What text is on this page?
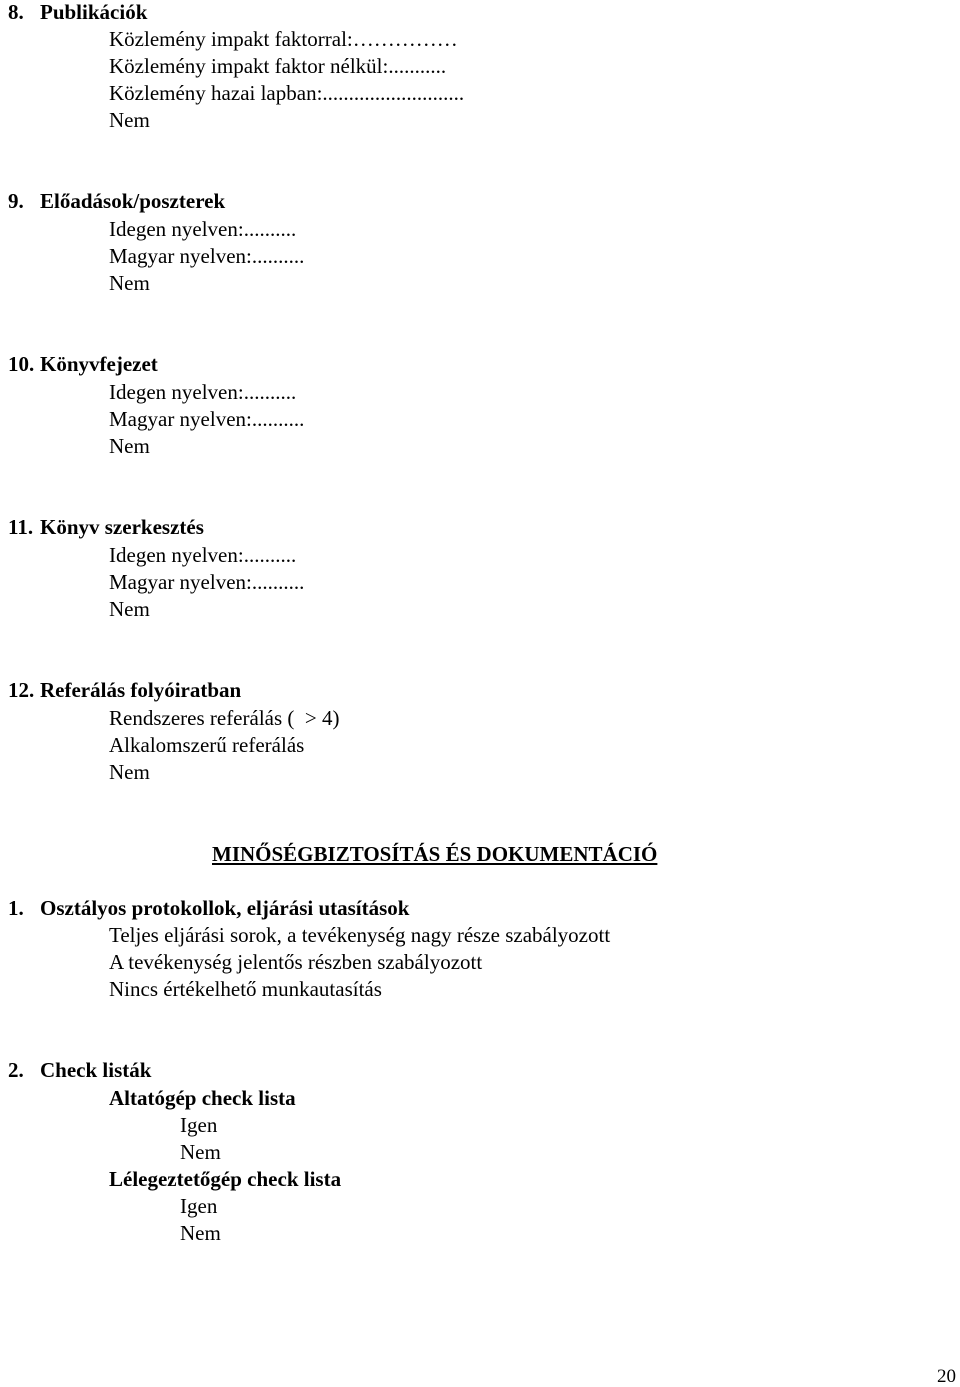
8. Publikációk
Közlemény impakt faktorral:……………
Közlemény impakt faktor nélkül:...........
Közlemény hazai lapban:...........................
Nem
9. Előadások/poszterek
Idegen nyelven:..........
Magyar nyelven:..........
Nem
10. Könyvfejezet
Idegen nyelven:..........
Magyar nyelven:..........
Nem
11. Könyv szerkesztés
Idegen nyelven:..........
Magyar nyelven:..........
Nem
12. Referálás folyóiratban
Rendszeres referálás (  > 4)
Alkalomszerű referálás
Nem
MINŐSÉGBIZTOSÍTÁS ÉS DOKUMENTÁCIÓ
1. Osztályos protokollok, eljárási utasítások
Teljes eljárási sorok, a tevékenység nagy része szabályozott
A tevékenység jelentős részben szabályozott
Nincs értékelhető munkautasítás
2. Check listák
Altatógép check lista
Igen
Nem
Lélegeztetőgép check lista
Igen
Nem
20
